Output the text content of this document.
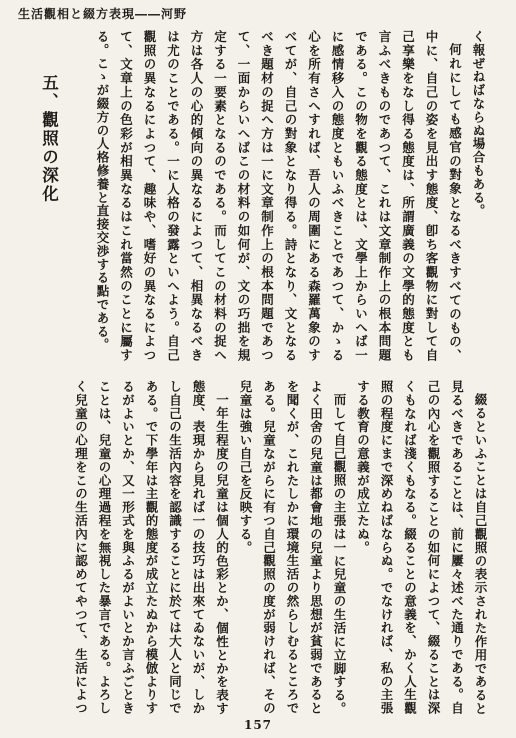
生活觀相と綴方表現――河野

く報ぜねばならぬ場合もある。

何れにしても感官の對象となるべきすべてのもの、中に、自己の姿を見出す態度、卽ち客觀物に對して自己享樂をなし得る態度は、所謂廣義の文學的態度とも言ふべきものであつて、これは文章制作上の根本問題である。この物を觀る態度とは、文學上からいへば一に感情移入の態度ともいふべきことであつて、かゝる心を所有さへすれば、吾人の周圍にある森羅萬象のすべてが、自己の對象となり得る。詩となり、文となるべき題材の捉へ方は一に文章制作上の根本問題であつて、一面からいへばこの材料の如何が、文の巧拙を規定する一要素となるのである。而してこの材料の捉へ方は各人の心的傾向の異なるによつて、相異なるべきは尤のことである。一に人格の發露といへよう。自己觀照の異なるによつて、趣味や、嗜好の異なるによつて、文章上の色彩が相異なるはこれ當然のことに屬する。こゝが綴方の人格修養と直接交渉する點である。

五、觀照の深化

綴るといふことは自己觀照の表示された作用であると見るべきであることは、前に屢々述べた通りである。自己の內心を觀照することの如何によつて、綴ることは深くもなれば淺くもなる。綴ることの意義を、かく人生觀照の程度にまで深めねばならぬ。でなければ、私の主張する教育の意義が成立たぬ。

而して自己觀照の主張は一に兒童の生活に立脚する。よく田舍の兒童は都會地の兒童より思想が貧弱であるとを聞くが、これたしかに環境生活の然らしむるところである。兒童ながらに有つ自己觀照の度が弱ければ、その兒童は強い自己を反映する。

一年生程度の兒童は個人的色彩とか、個性とかを表す態度、表現から見れば一の技巧は出來てゐないが、しかし自己の生活內容を認識することに於ては大人と同じである。で下學年は主觀的態度が成立たぬから模倣よりするがよいとか、又一形式を與ふるがよいとか言ふごときことは、兒童の心理過程を無視した暴言である。よろしく兒童の心理をこの生活內に認めてやつて、生活によつ

157
